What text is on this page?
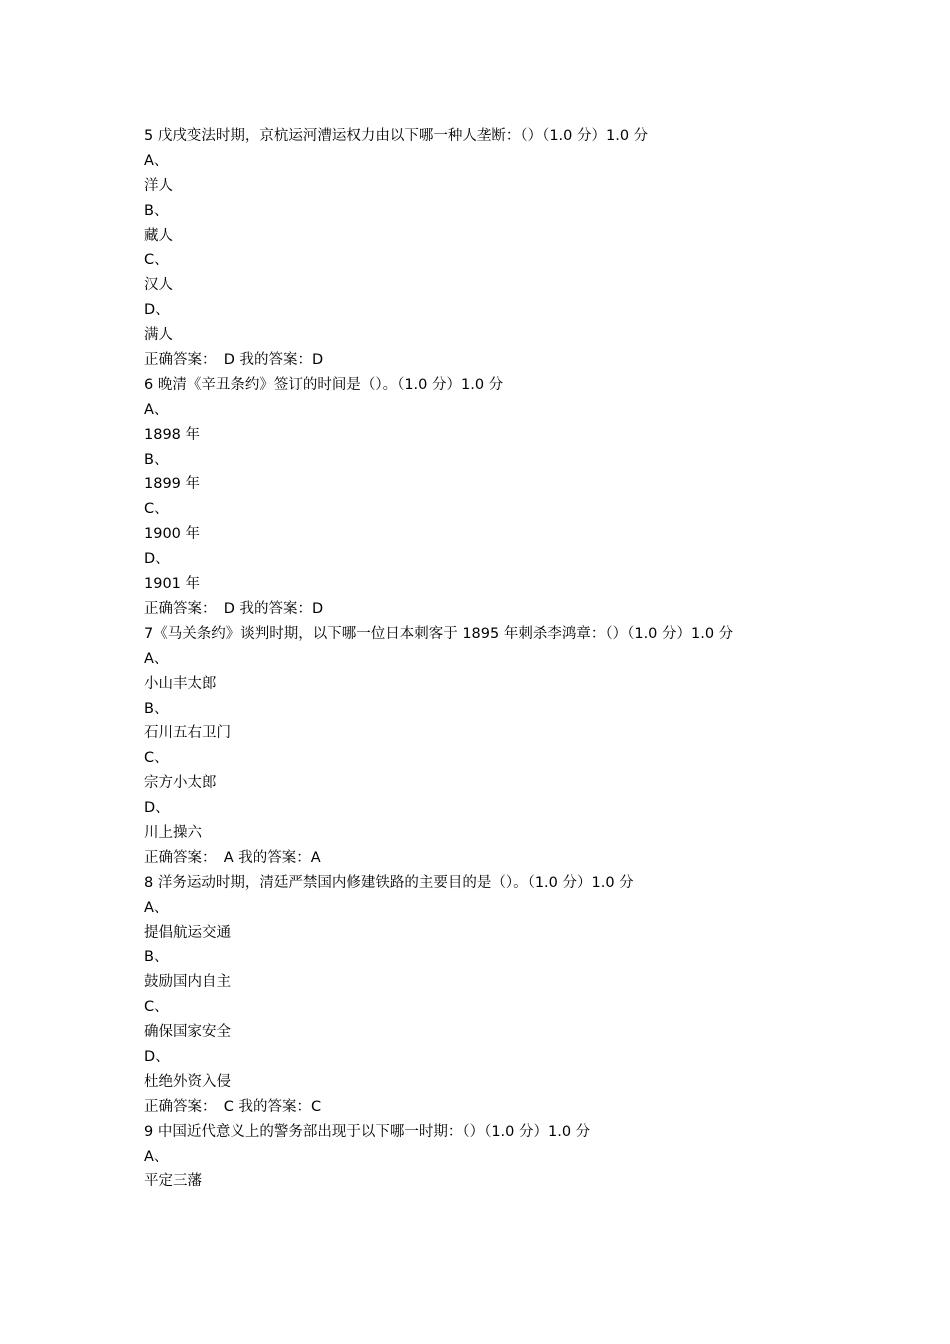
5 戊戌变法时期，京杭运河漕运权力由以下哪一种人垄断：（）（1.0 分）1.0 分
A、
洋人
B、
藏人
C、
汉人
D、
满人
正确答案：　D 我的答案：D
6 晚清《辛丑条约》签订的时间是（）。（1.0 分）1.0 分
A、
1898 年
B、
1899 年
C、
1900 年
D、
1901 年
正确答案：　D 我的答案：D
7《马关条约》谈判时期，以下哪一位日本刺客于 1895 年刺杀李鸿章：（）（1.0 分）1.0 分
A、
小山丰太郎
B、
石川五右卫门
C、
宗方小太郎
D、
川上操六
正确答案：　A 我的答案：A
8 洋务运动时期，清廷严禁国内修建铁路的主要目的是（）。（1.0 分）1.0 分
A、
提倡航运交通
B、
鼓励国内自主
C、
确保国家安全
D、
杜绝外资入侵
正确答案：　C 我的答案：C
9 中国近代意义上的警务部出现于以下哪一时期：（）（1.0 分）1.0 分
A、
平定三藩
